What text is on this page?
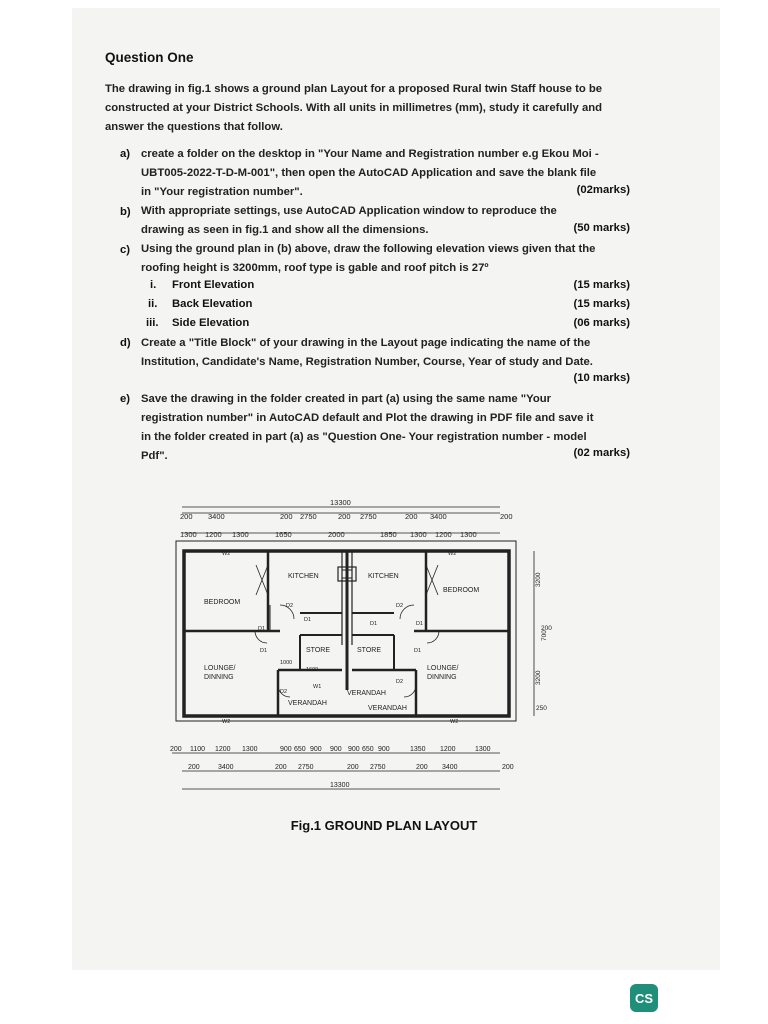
Question One
The drawing in fig.1 shows a ground plan Layout for a proposed Rural twin Staff house to be constructed at your District Schools. With all units in millimetres (mm), study it carefully and answer the questions that follow.
a) create a folder on the desktop in "Your Name and Registration number e.g Ekou Moi -
UBT005-2022-T-D-M-001", then open the AutoCAD Application and save the blank file
in "Your registration number".	(02marks)
b) With appropriate settings, use AutoCAD Application window to reproduce the
drawing as seen in fig.1 and show all the dimensions.	(50 marks)
c) Using the ground plan in (b) above, draw the following elevation views given that the
roofing height is 3200mm, roof type is gable and roof pitch is 27º
i. Front Elevation	(15 marks)
ii. Back Elevation	(15 marks)
iii. Side Elevation	(06 marks)
d) Create a "Title Block" of your drawing in the Layout page indicating the name of the
Institution, Candidate's Name, Registration Number, Course, Year of study and Date.
(10 marks)
e) Save the drawing in the folder created in part (a) using the same name "Your
registration number" in AutoCAD default and Plot the drawing in PDF file and save it
in the folder created in part (a) as "Question One- Your registration number - model
Pdf".	(02 marks)
13300
200 3400	200 2750	200 2750	200 3400	200
1300 1200 1300	1650	2000	1850 1300 1200 1300
KITCHEN	KITCHEN
BEDROOM
BEDROOM
STORE	STORE
LOUNGE/
DINNING
LOUNGE/
DINNING
VERANDAH
VERANDAH
VERANDAH
W2	W2
W2	W2
D2	D2
D1
D1	D1
D1
D1	D1
D2
D2
W1
1000
1600
3200
200
700
3200
250
200 1100 1200 1300	900 650 900 900 900 650 900	1350 1200	1300
200	3400	200 2750	200 2750	200 3400	200
13300
Fig.1 GROUND PLAN LAYOUT
CS
